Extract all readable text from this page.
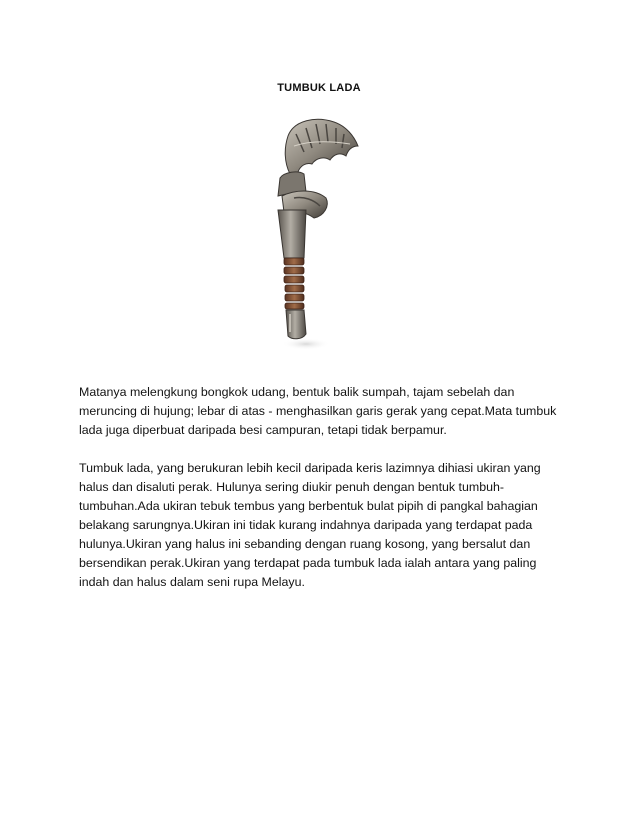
TUMBUK LADA
Matanya melengkung bongkok udang, bentuk balik sumpah, tajam sebelah dan
meruncing di hujung; lebar di atas - menghasilkan garis gerak yang cepat.Mata tumbuk
lada juga diperbuat daripada besi campuran, tetapi tidak berpamur.
Tumbuk lada, yang berukuran lebih kecil daripada keris lazimnya dihiasi ukiran yang
halus dan disaluti perak. Hulunya sering diukir penuh dengan bentuk tumbuh-
tumbuhan.Ada ukiran tebuk tembus yang berbentuk bulat pipih di pangkal bahagian
belakang sarungnya.Ukiran ini tidak kurang indahnya daripada yang terdapat pada
hulunya.Ukiran yang halus ini sebanding dengan ruang kosong, yang bersalut dan
bersendikan perak.Ukiran yang terdapat pada tumbuk lada ialah antara yang paling
indah dan halus dalam seni rupa Melayu.
